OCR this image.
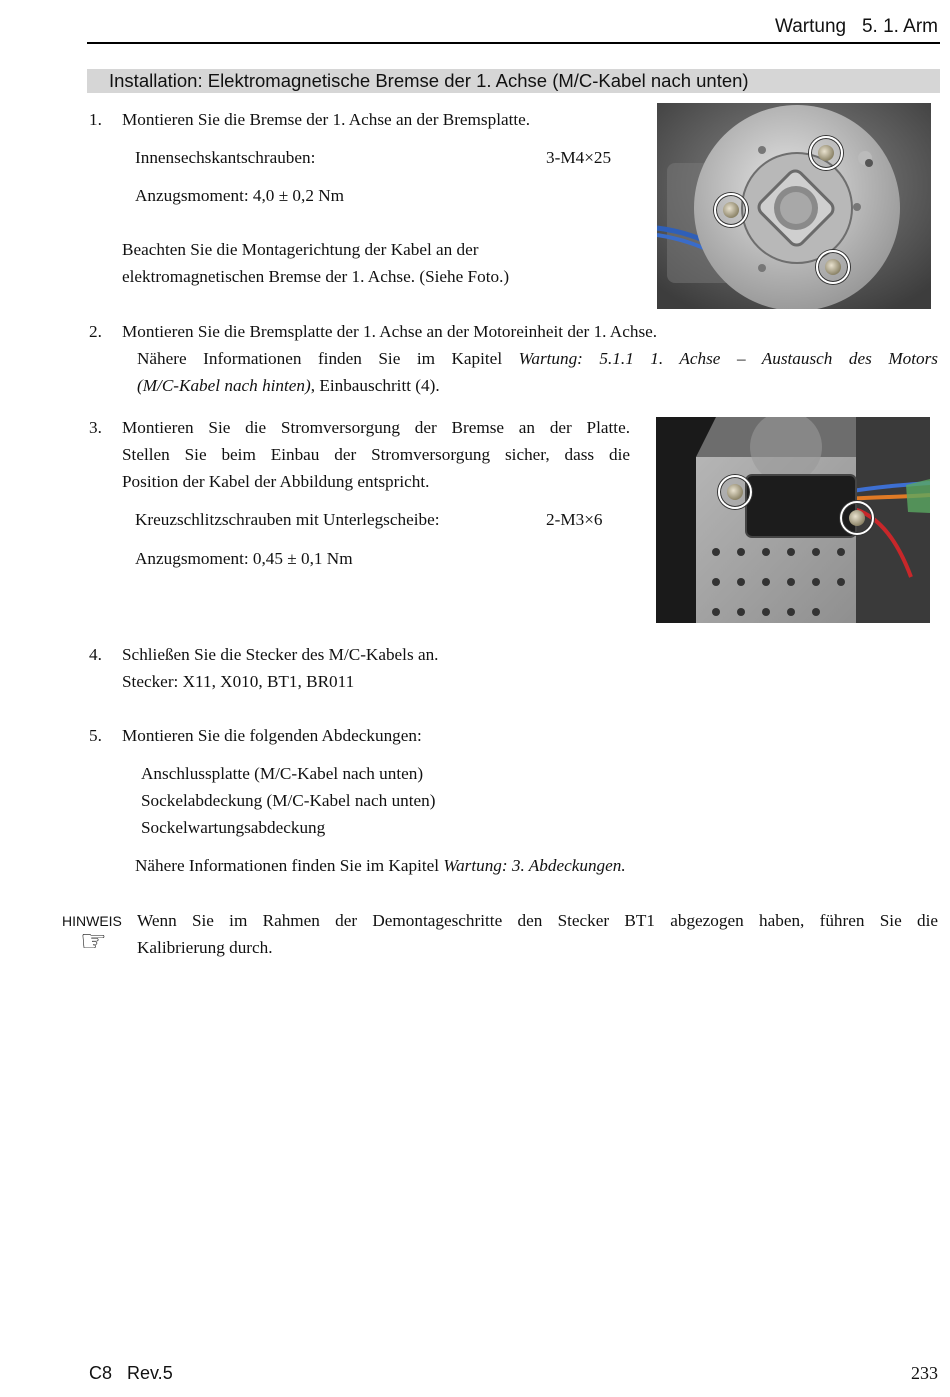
Wartung 5. 1. Arm
Installation: Elektromagnetische Bremse der 1. Achse (M/C-Kabel nach unten)
1. Montieren Sie die Bremse der 1. Achse an der Bremsplatte.
Innensechskantschrauben:	3-M4×25
Anzugsmoment: 4,0 ± 0,2 Nm
Beachten Sie die Montagerichtung der Kabel an der
elektromagnetischen Bremse der 1. Achse. (Siehe Foto.)
2. Montieren Sie die Bremsplatte der 1. Achse an der Motoreinheit der 1. Achse.
Nähere Informationen finden Sie im Kapitel Wartung: 5.1.1 1. Achse – Austausch des Motors
(M/C-Kabel nach hinten), Einbauschritt (4).
3. Montieren Sie die Stromversorgung der Bremse an der Platte.
Stellen Sie beim Einbau der Stromversorgung sicher, dass die
Position der Kabel der Abbildung entspricht.
Kreuzschlitzschrauben mit Unterlegscheibe:	2-M3×6
Anzugsmoment: 0,45 ± 0,1 Nm
4. Schließen Sie die Stecker des M/C-Kabels an.
Stecker: X11, X010, BT1, BR011
5. Montieren Sie die folgenden Abdeckungen:
Anschlussplatte (M/C-Kabel nach unten)
Sockelabdeckung (M/C-Kabel nach unten)
Sockelwartungsabdeckung
Nähere Informationen finden Sie im Kapitel Wartung: 3. Abdeckungen.
HINWEIS
☞
Wenn Sie im Rahmen der Demontageschritte den Stecker BT1 abgezogen haben, führen Sie die
Kalibrierung durch.
C8   Rev.5	233
